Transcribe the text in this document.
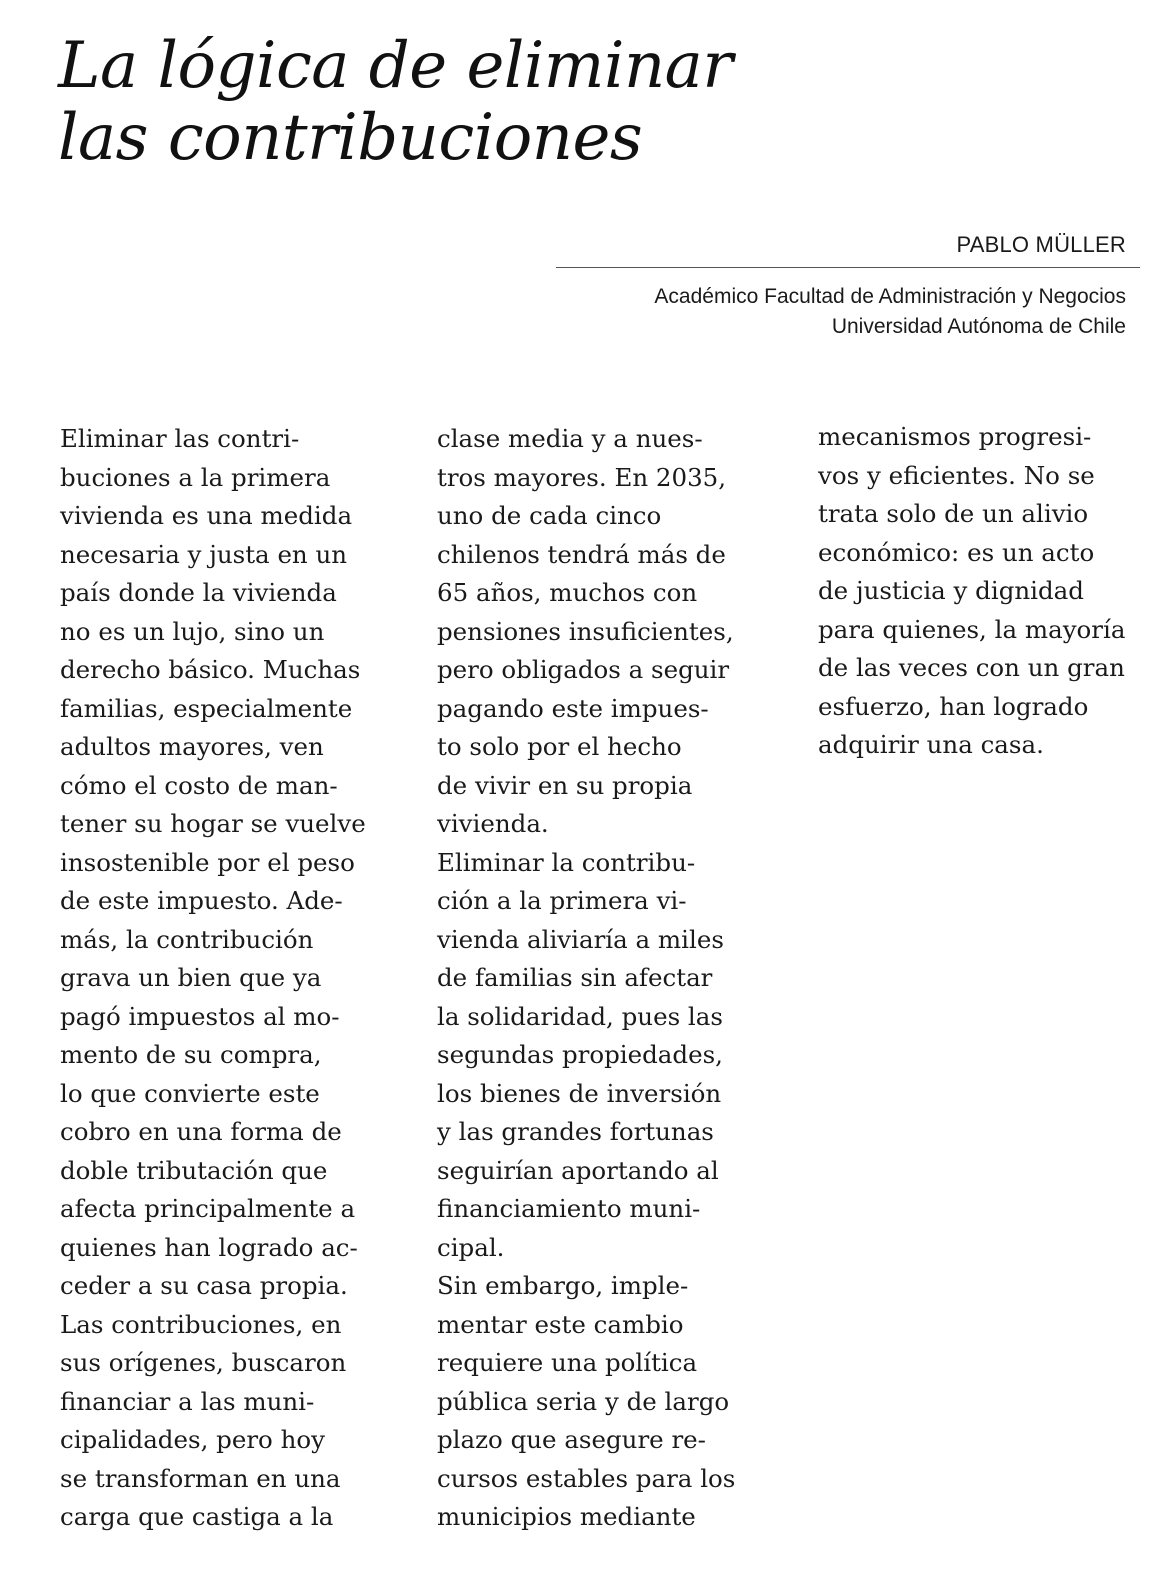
La lógica de eliminar
las contribuciones
PABLO MÜLLER
Académico Facultad de Administración y Negocios
Universidad Autónoma de Chile
Eliminar las contri-
buciones a la primera
vivienda es una medida
necesaria y justa en un
país donde la vivienda
no es un lujo, sino un
derecho básico. Muchas
familias, especialmente
adultos mayores, ven
cómo el costo de man-
tener su hogar se vuelve
insostenible por el peso
de este impuesto. Ade-
más, la contribución
grava un bien que ya
pagó impuestos al mo-
mento de su compra,
lo que convierte este
cobro en una forma de
doble tributación que
afecta principalmente a
quienes han logrado ac-
ceder a su casa propia.
Las contribuciones, en
sus orígenes, buscaron
financiar a las muni-
cipalidades, pero hoy
se transforman en una
carga que castiga a la
clase media y a nues-
tros mayores. En 2035,
uno de cada cinco
chilenos tendrá más de
65 años, muchos con
pensiones insuficientes,
pero obligados a seguir
pagando este impues-
to solo por el hecho
de vivir en su propia
vivienda.
Eliminar la contribu-
ción a la primera vi-
vienda aliviaría a miles
de familias sin afectar
la solidaridad, pues las
segundas propiedades,
los bienes de inversión
y las grandes fortunas
seguirían aportando al
financiamiento muni-
cipal.
Sin embargo, imple-
mentar este cambio
requiere una política
pública seria y de largo
plazo que asegure re-
cursos estables para los
municipios mediante
mecanismos progresi-
vos y eficientes. No se
trata solo de un alivio
económico: es un acto
de justicia y dignidad
para quienes, la mayoría
de las veces con un gran
esfuerzo, han logrado
adquirir una casa.
